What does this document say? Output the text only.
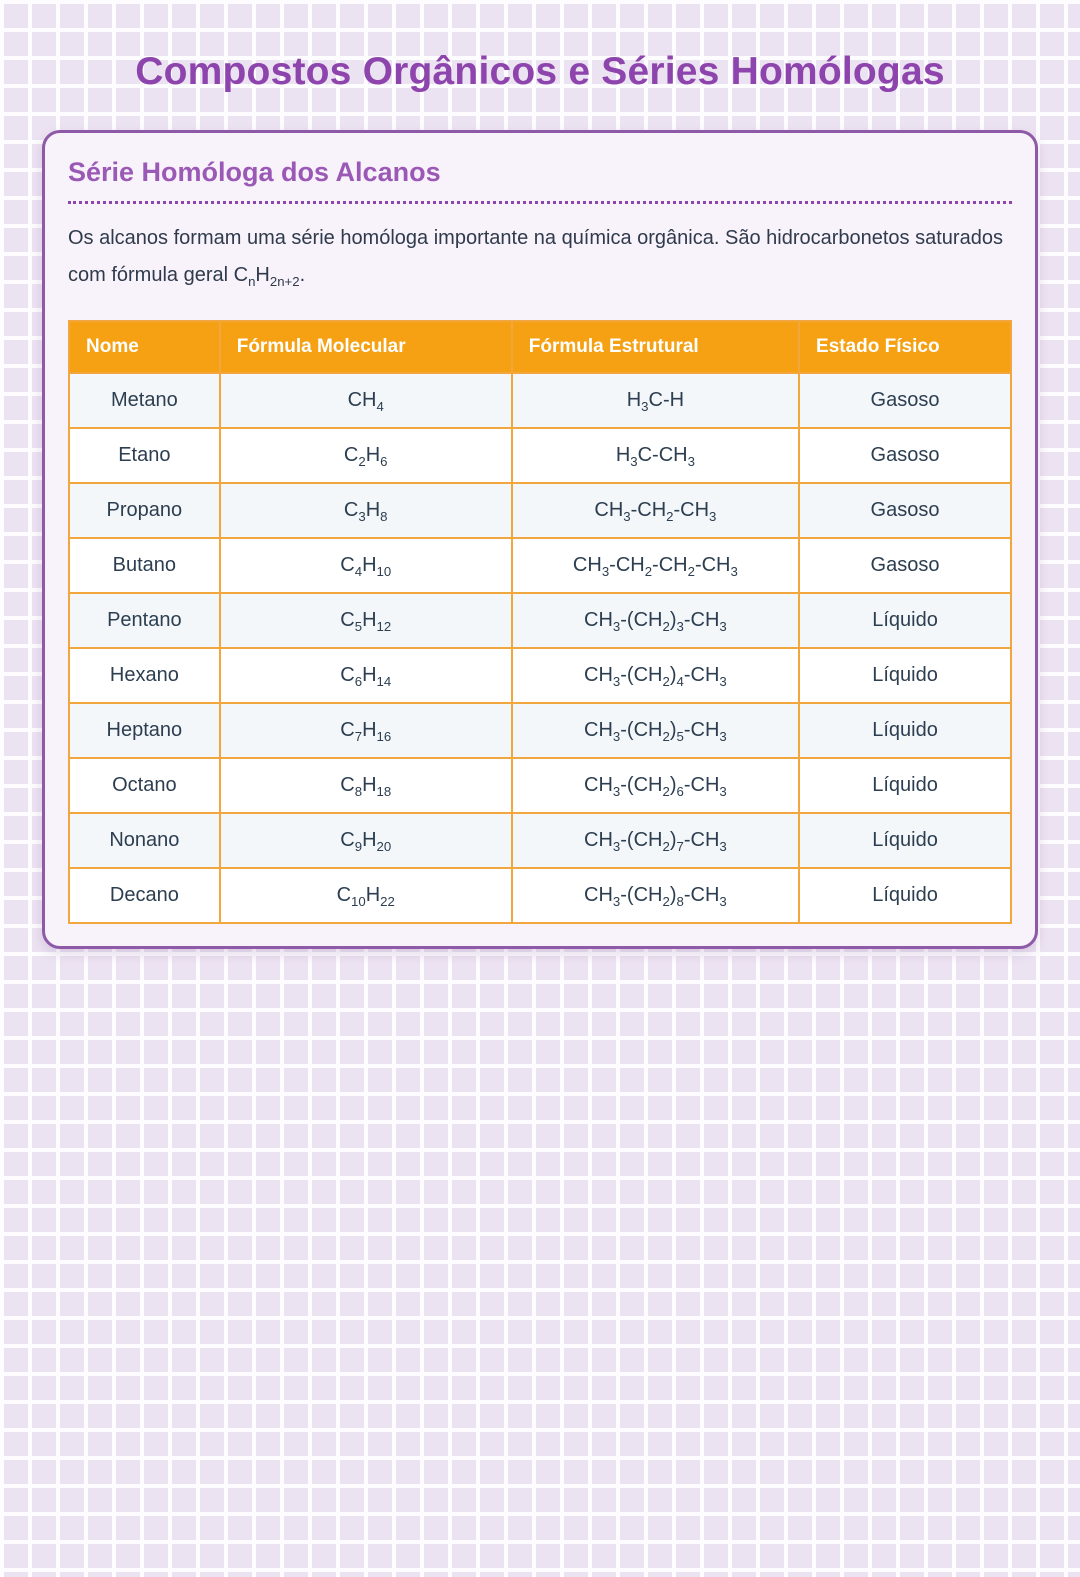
Compostos Orgânicos e Séries Homólogas
Série Homóloga dos Alcanos

Os alcanos formam uma série homóloga importante na química orgânica. São hidrocarbonetos saturados com fórmula geral $C_nH_{2n+2}$.

Nome	Fórmula Molecular	Fórmula Estrutural	Estado Físico
Metano	$CH_4$	$H_3C-H$	Gasoso
Etano	$C_2H_6$	$H_3C-CH_3$	Gasoso
Propano	$C_3H_8$	$CH_3-CH_2-CH_3$	Gasoso
Butano	$C_4H_{10}$	$CH_3-CH_2-CH_2-CH_3$	Gasoso
Pentano	$C_5H_{12}$	$CH_3-(CH_2)_3-CH_3$	Líquido
Hexano	$C_6H_{14}$	$CH_3-(CH_2)_4-CH_3$	Líquido
Heptano	$C_7H_{16}$	$CH_3-(CH_2)_5-CH_3$	Líquido
Octano	$C_8H_{18}$	$CH_3-(CH_2)_6-CH_3$	Líquido
Nonano	$C_9H_{20}$	$CH_3-(CH_2)_7-CH_3$	Líquido
Decano	$C_{10}H_{22}$	$CH_3-(CH_2)_8-CH_3$	Líquido
